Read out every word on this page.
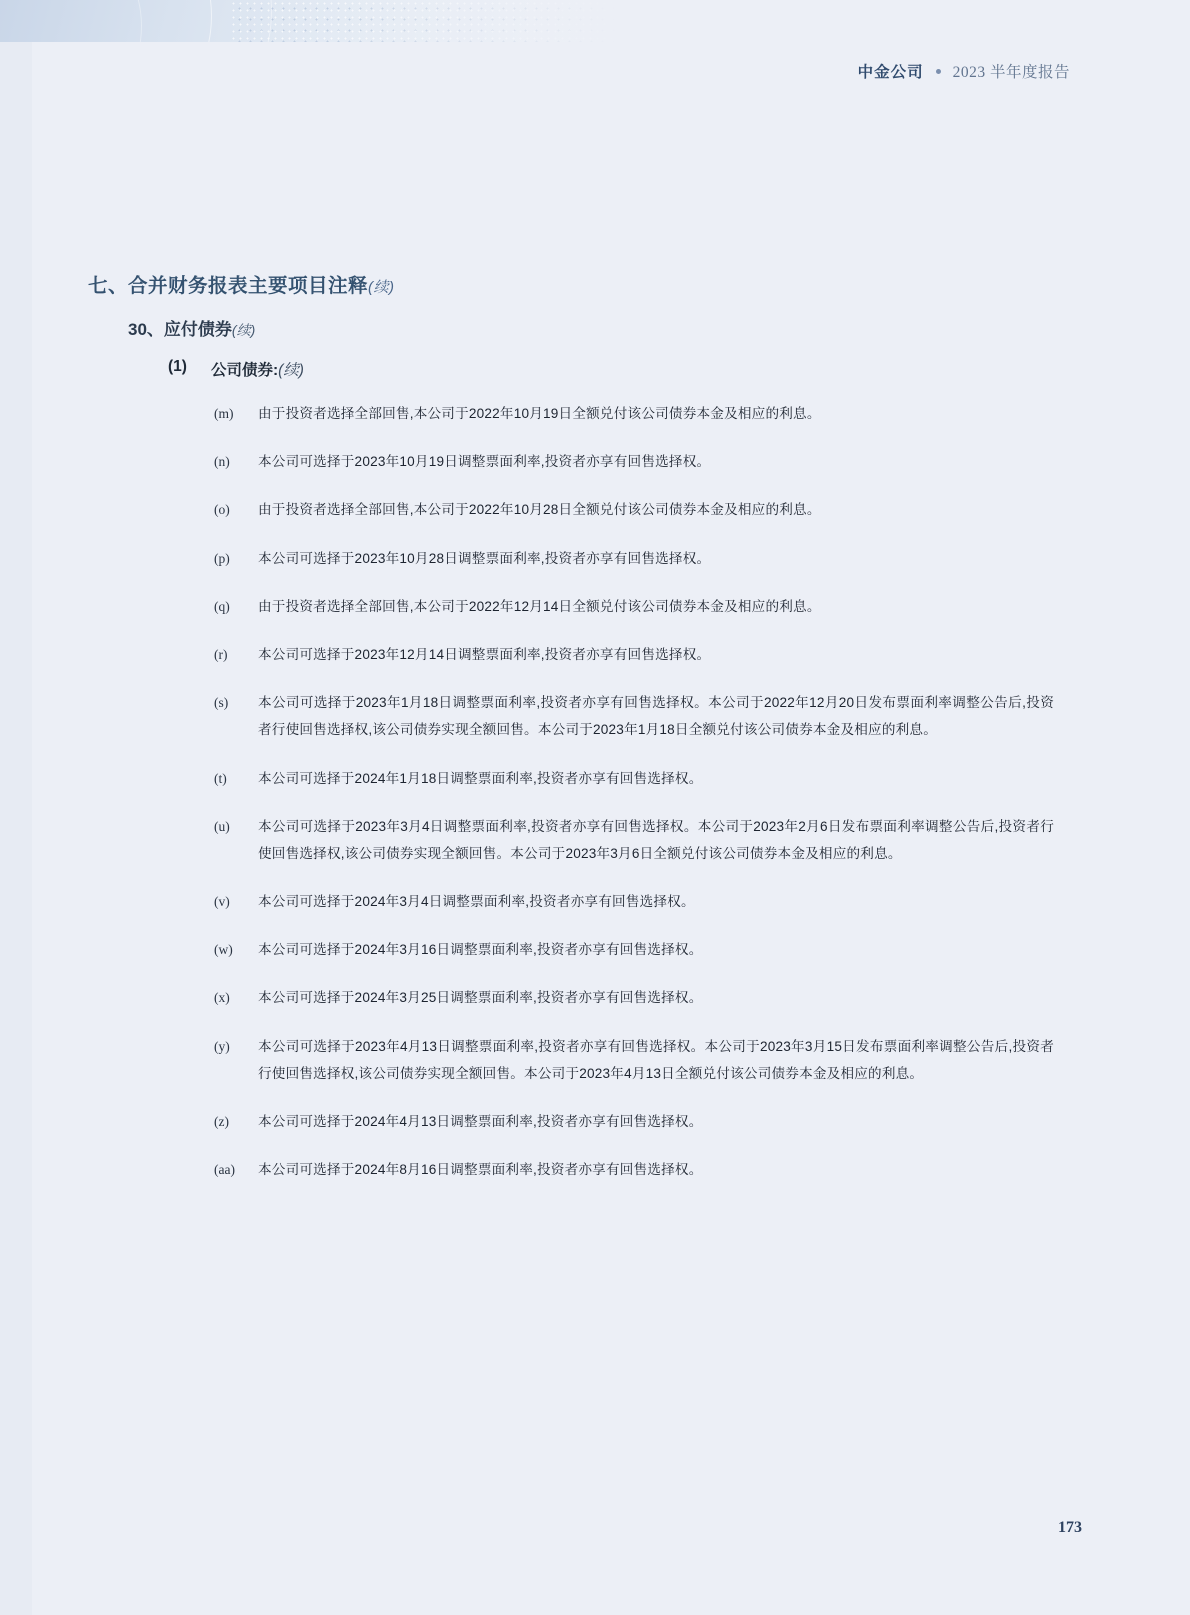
中金公司 2023 半年度报告
七、合并财务报表主要项目注释(续)
30、应付债券(续)
(1) 公司债券:(续)
(m)	由于投资者选择全部回售,本公司于2022年10月19日全额兑付该公司债券本金及相应的利息。
(n)	本公司可选择于2023年10月19日调整票面利率,投资者亦享有回售选择权。
(o)	由于投资者选择全部回售,本公司于2022年10月28日全额兑付该公司债券本金及相应的利息。
(p)	本公司可选择于2023年10月28日调整票面利率,投资者亦享有回售选择权。
(q)	由于投资者选择全部回售,本公司于2022年12月14日全额兑付该公司债券本金及相应的利息。
(r)	本公司可选择于2023年12月14日调整票面利率,投资者亦享有回售选择权。
(s)	本公司可选择于2023年1月18日调整票面利率,投资者亦享有回售选择权。本公司于2022年12月20日发布票面利率调整公告后,投资者行使回售选择权,该公司债券实现全额回售。本公司于2023年1月18日全额兑付该公司债券本金及相应的利息。
(t)	本公司可选择于2024年1月18日调整票面利率,投资者亦享有回售选择权。
(u)	本公司可选择于2023年3月4日调整票面利率,投资者亦享有回售选择权。本公司于2023年2月6日发布票面利率调整公告后,投资者行使回售选择权,该公司债券实现全额回售。本公司于2023年3月6日全额兑付该公司债券本金及相应的利息。
(v)	本公司可选择于2024年3月4日调整票面利率,投资者亦享有回售选择权。
(w)	本公司可选择于2024年3月16日调整票面利率,投资者亦享有回售选择权。
(x)	本公司可选择于2024年3月25日调整票面利率,投资者亦享有回售选择权。
(y)	本公司可选择于2023年4月13日调整票面利率,投资者亦享有回售选择权。本公司于2023年3月15日发布票面利率调整公告后,投资者行使回售选择权,该公司债券实现全额回售。本公司于2023年4月13日全额兑付该公司债券本金及相应的利息。
(z)	本公司可选择于2024年4月13日调整票面利率,投资者亦享有回售选择权。
(aa)	本公司可选择于2024年8月16日调整票面利率,投资者亦享有回售选择权。
173
